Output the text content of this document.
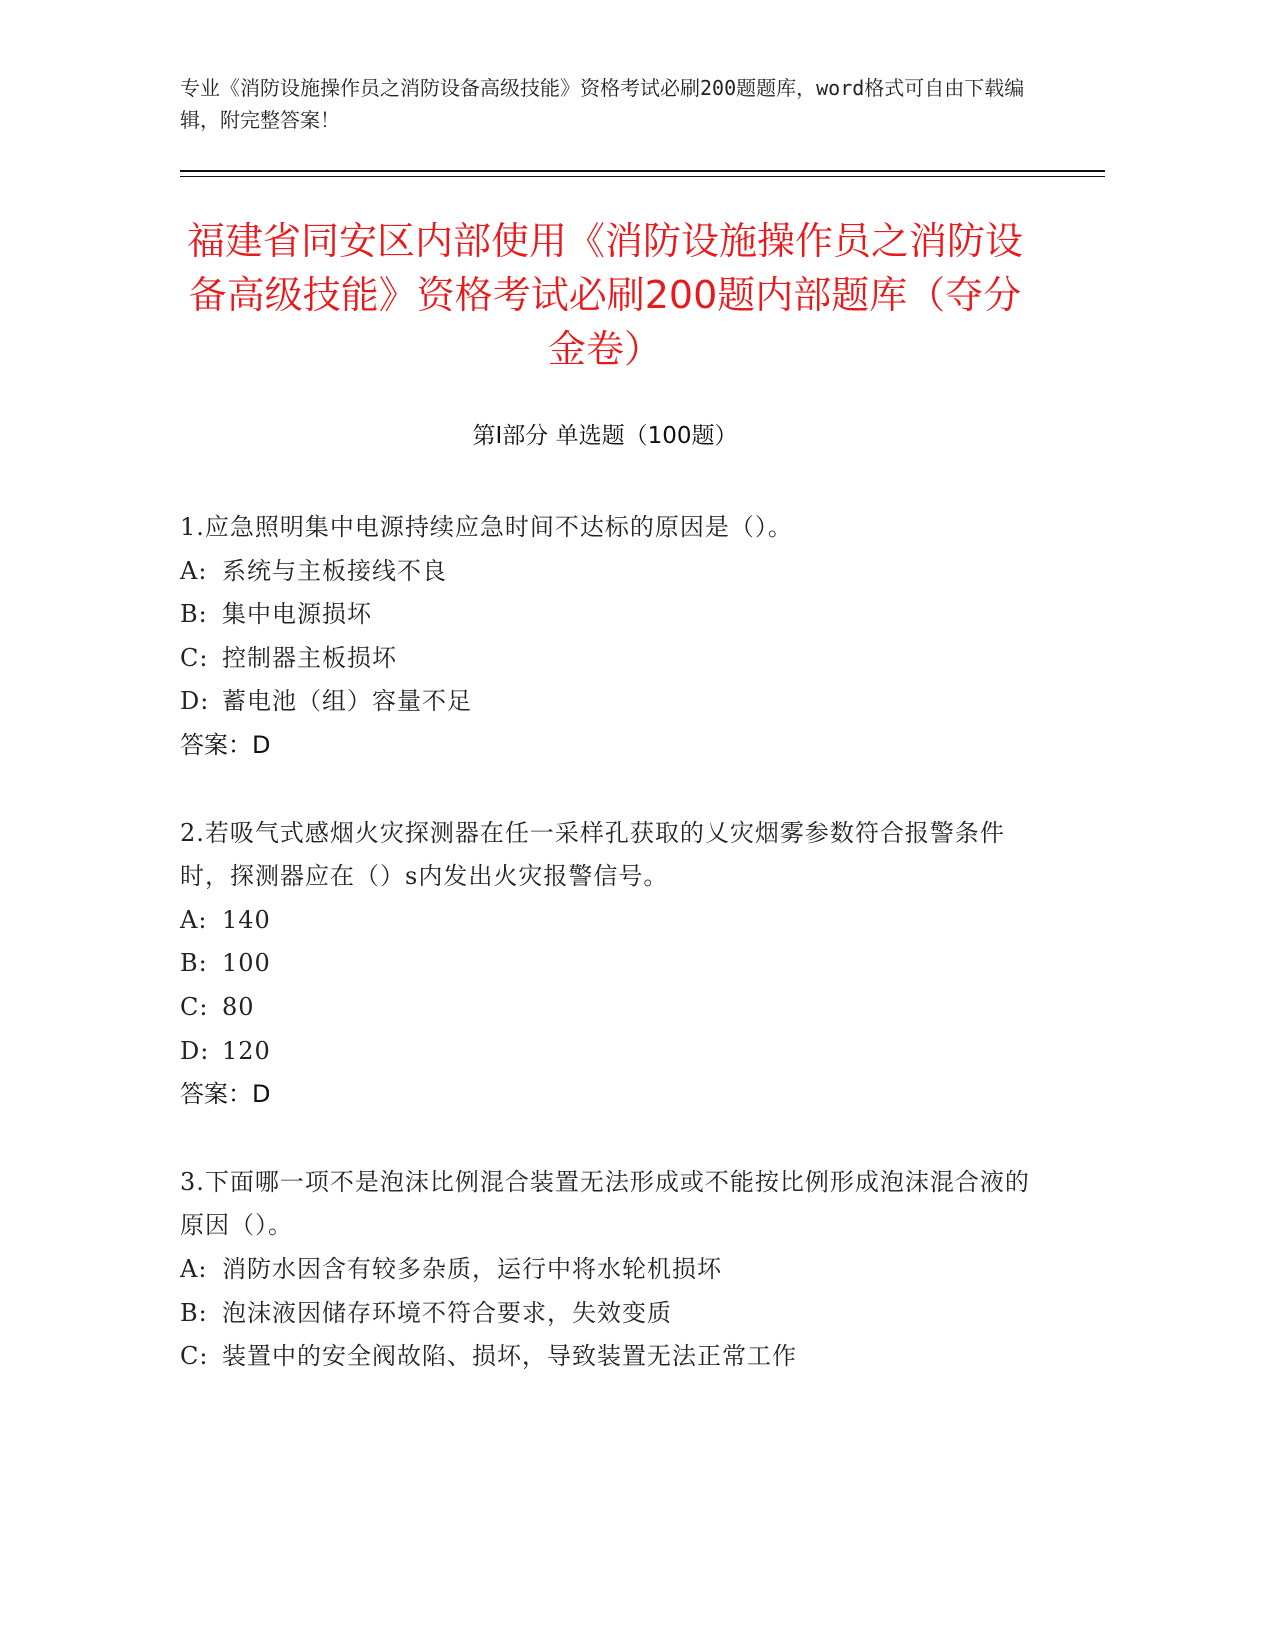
专业《消防设施操作员之消防设备高级技能》资格考试必刷200题题库，word格式可自由下载编辑，附完整答案！
福建省同安区内部使用《消防设施操作员之消防设备高级技能》资格考试必刷200题内部题库（夺分金卷）
第Ⅰ部分 单选题（100题）

1.应急照明集中电源持续应急时间不达标的原因是（）。

A: 系统与主板接线不良

B: 集中电源损坏

C: 控制器主板损坏

D: 蓄电池（组）容量不足

答案：D

2.若吸气式感烟火灾探测器在任一采样孔获取的乂灾烟雾参数符合报警条件时，探测器应在（）s内发出火灾报警信号。

A: 140

B: 100

C: 80

D: 120

答案：D

3.下面哪一项不是泡沫比例混合装置无法形成或不能按比例形成泡沫混合液的原因（）。

A: 消防水因含有较多杂质，运行中将水轮机损坏

B: 泡沫液因储存环境不符合要求，失效变质

C: 装置中的安全阀故陷、损坏，导致装置无法正常工作
